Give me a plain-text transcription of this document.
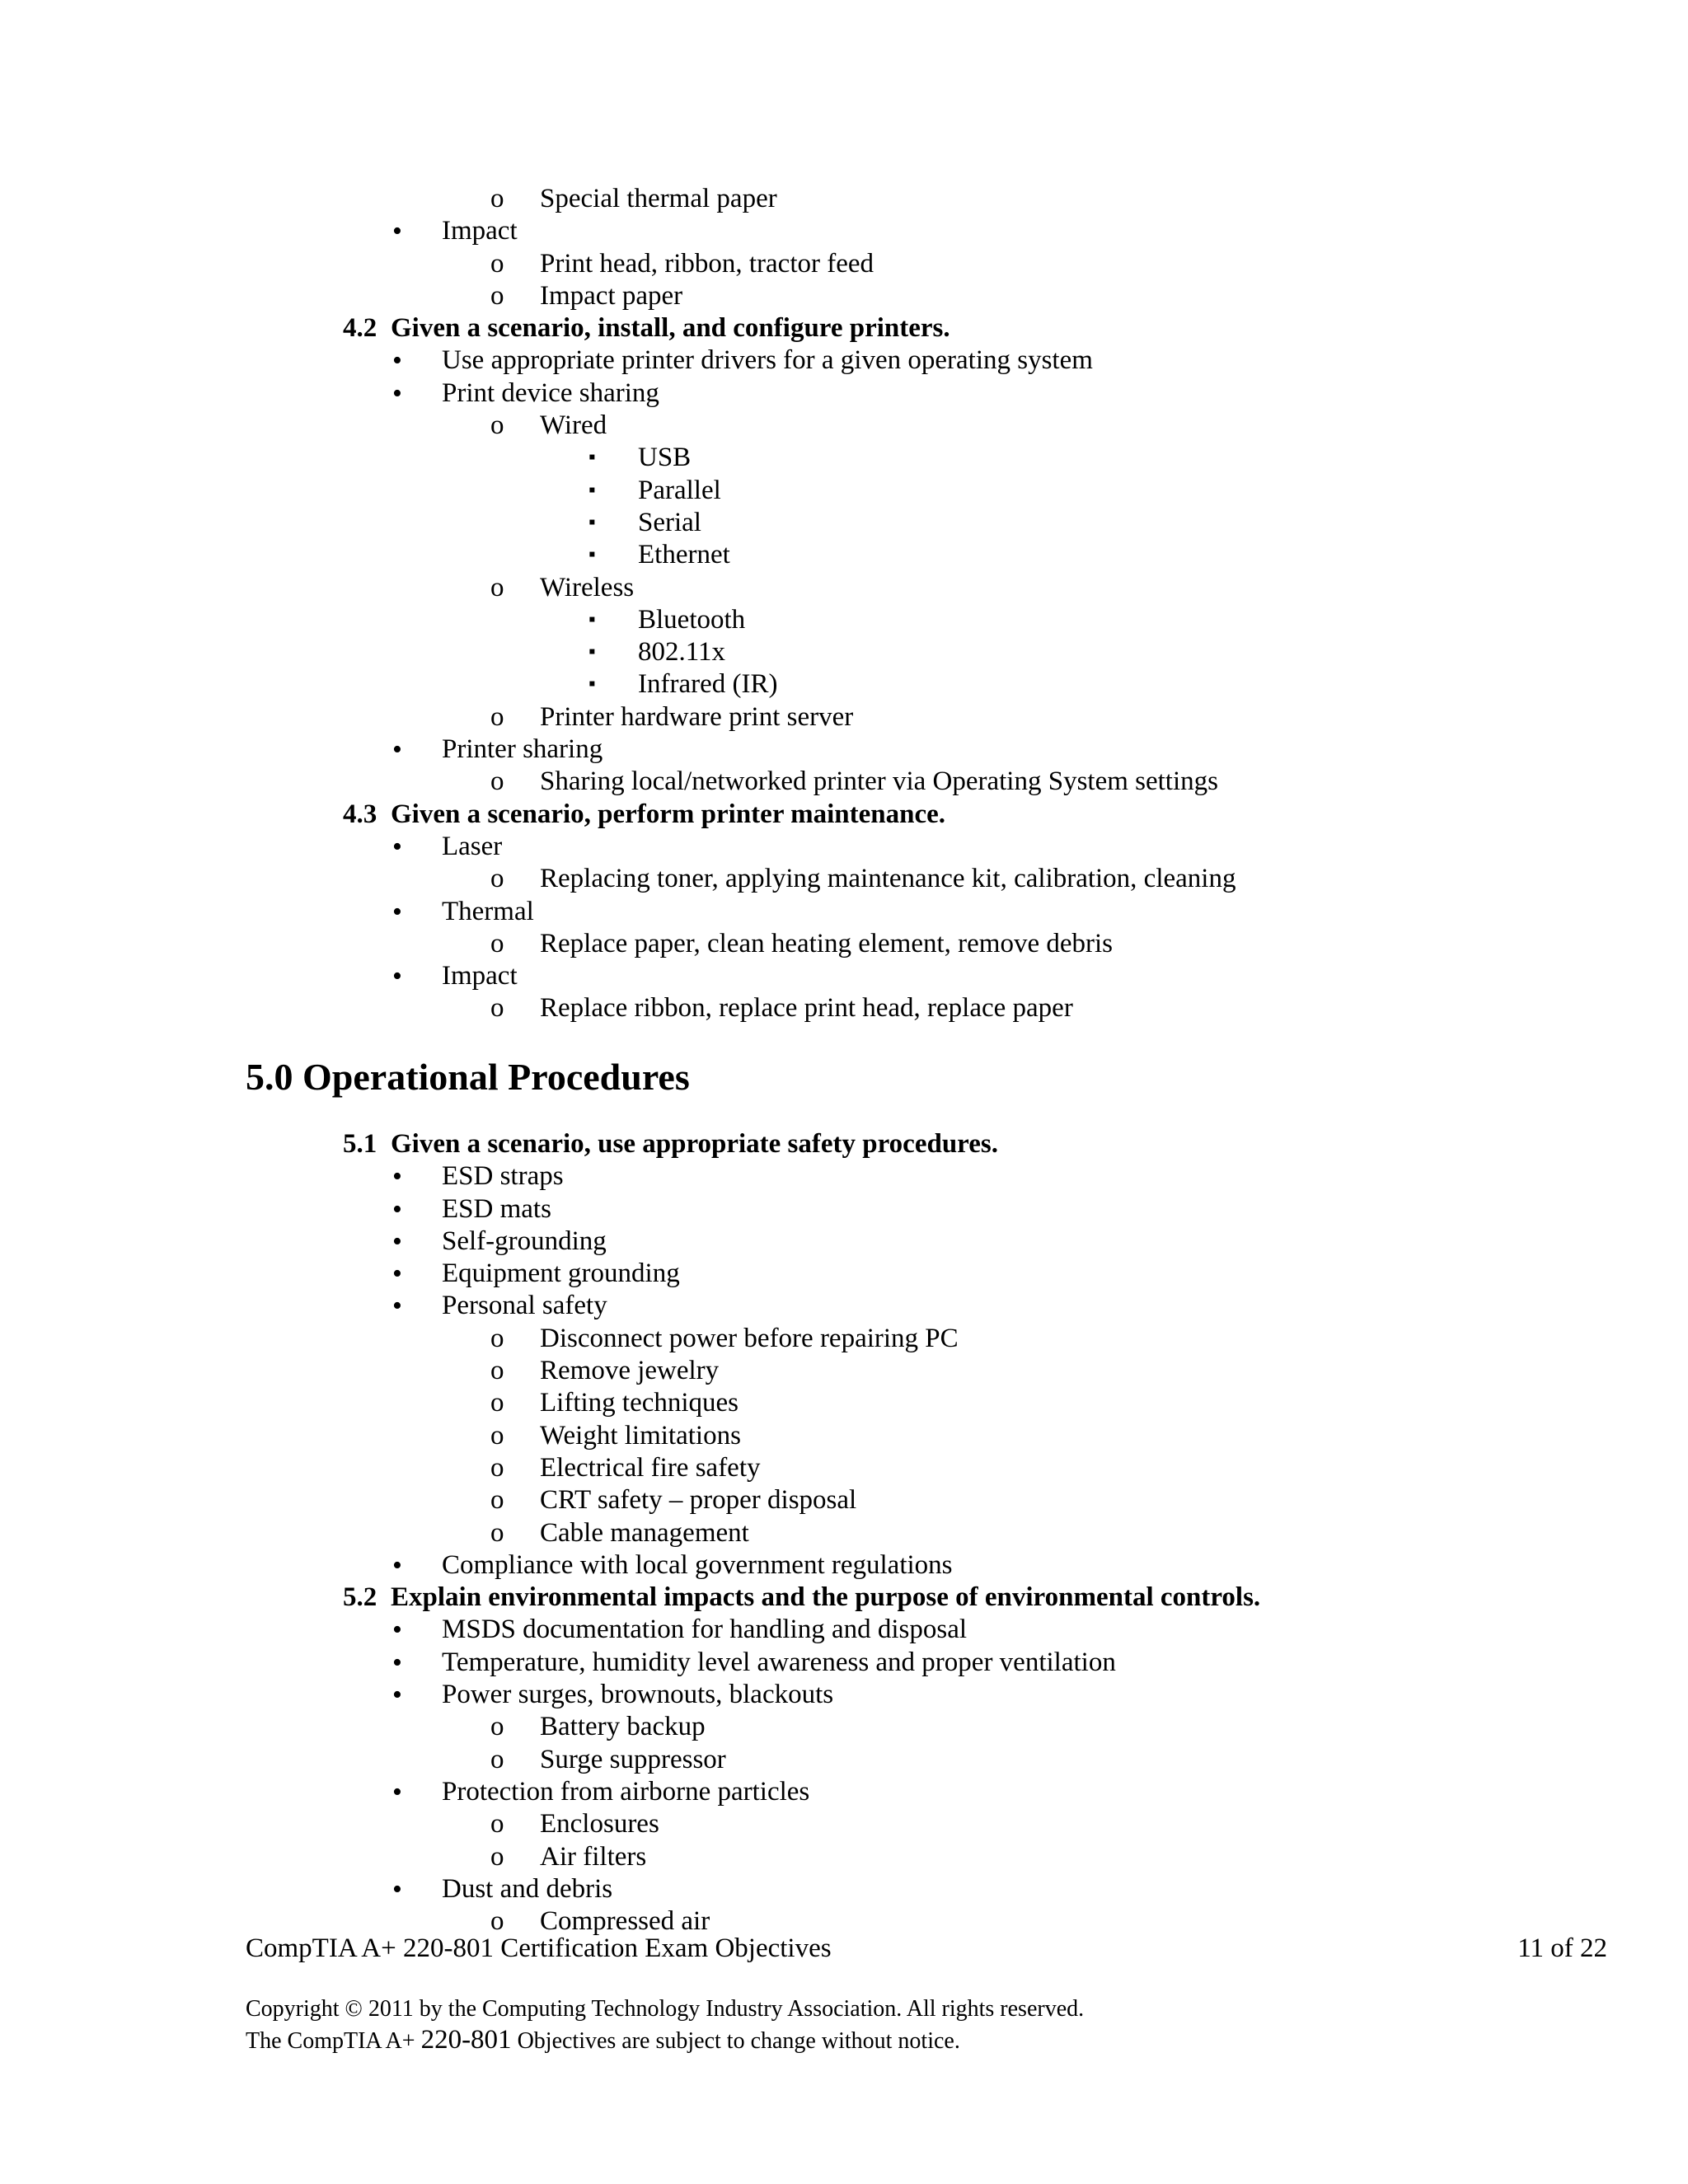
o Special thermal paper
• Impact
o Print head, ribbon, tractor feed
o Impact paper
4.2 Given a scenario, install, and configure printers.
• Use appropriate printer drivers for a given operating system
• Print device sharing
o Wired
▪ USB
▪ Parallel
▪ Serial
▪ Ethernet
o Wireless
▪ Bluetooth
▪ 802.11x
▪ Infrared (IR)
o Printer hardware print server
• Printer sharing
o Sharing local/networked printer via Operating System settings
4.3 Given a scenario, perform printer maintenance.
• Laser
o Replacing toner, applying maintenance kit, calibration, cleaning
• Thermal
o Replace paper, clean heating element, remove debris
• Impact
o Replace ribbon, replace print head, replace paper
5.1 Given a scenario, use appropriate safety procedures.
• ESD straps
• ESD mats
• Self-grounding
• Equipment grounding
• Personal safety
o Disconnect power before repairing PC
o Remove jewelry
o Lifting techniques
o Weight limitations
o Electrical fire safety
o CRT safety – proper disposal
o Cable management
• Compliance with local government regulations
5.2 Explain environmental impacts and the purpose of environmental controls.
• MSDS documentation for handling and disposal
• Temperature, humidity level awareness and proper ventilation
• Power surges, brownouts, blackouts
o Battery backup
o Surge suppressor
• Protection from airborne particles
o Enclosures
o Air filters
• Dust and debris
o Compressed air
5.0 Operational Procedures
CompTIA A+ 220-801 Certification Exam Objectives	11 of 22
Copyright © 2011 by the Computing Technology Industry Association. All rights reserved.
The CompTIA A+ 220-801 Objectives are subject to change without notice.
